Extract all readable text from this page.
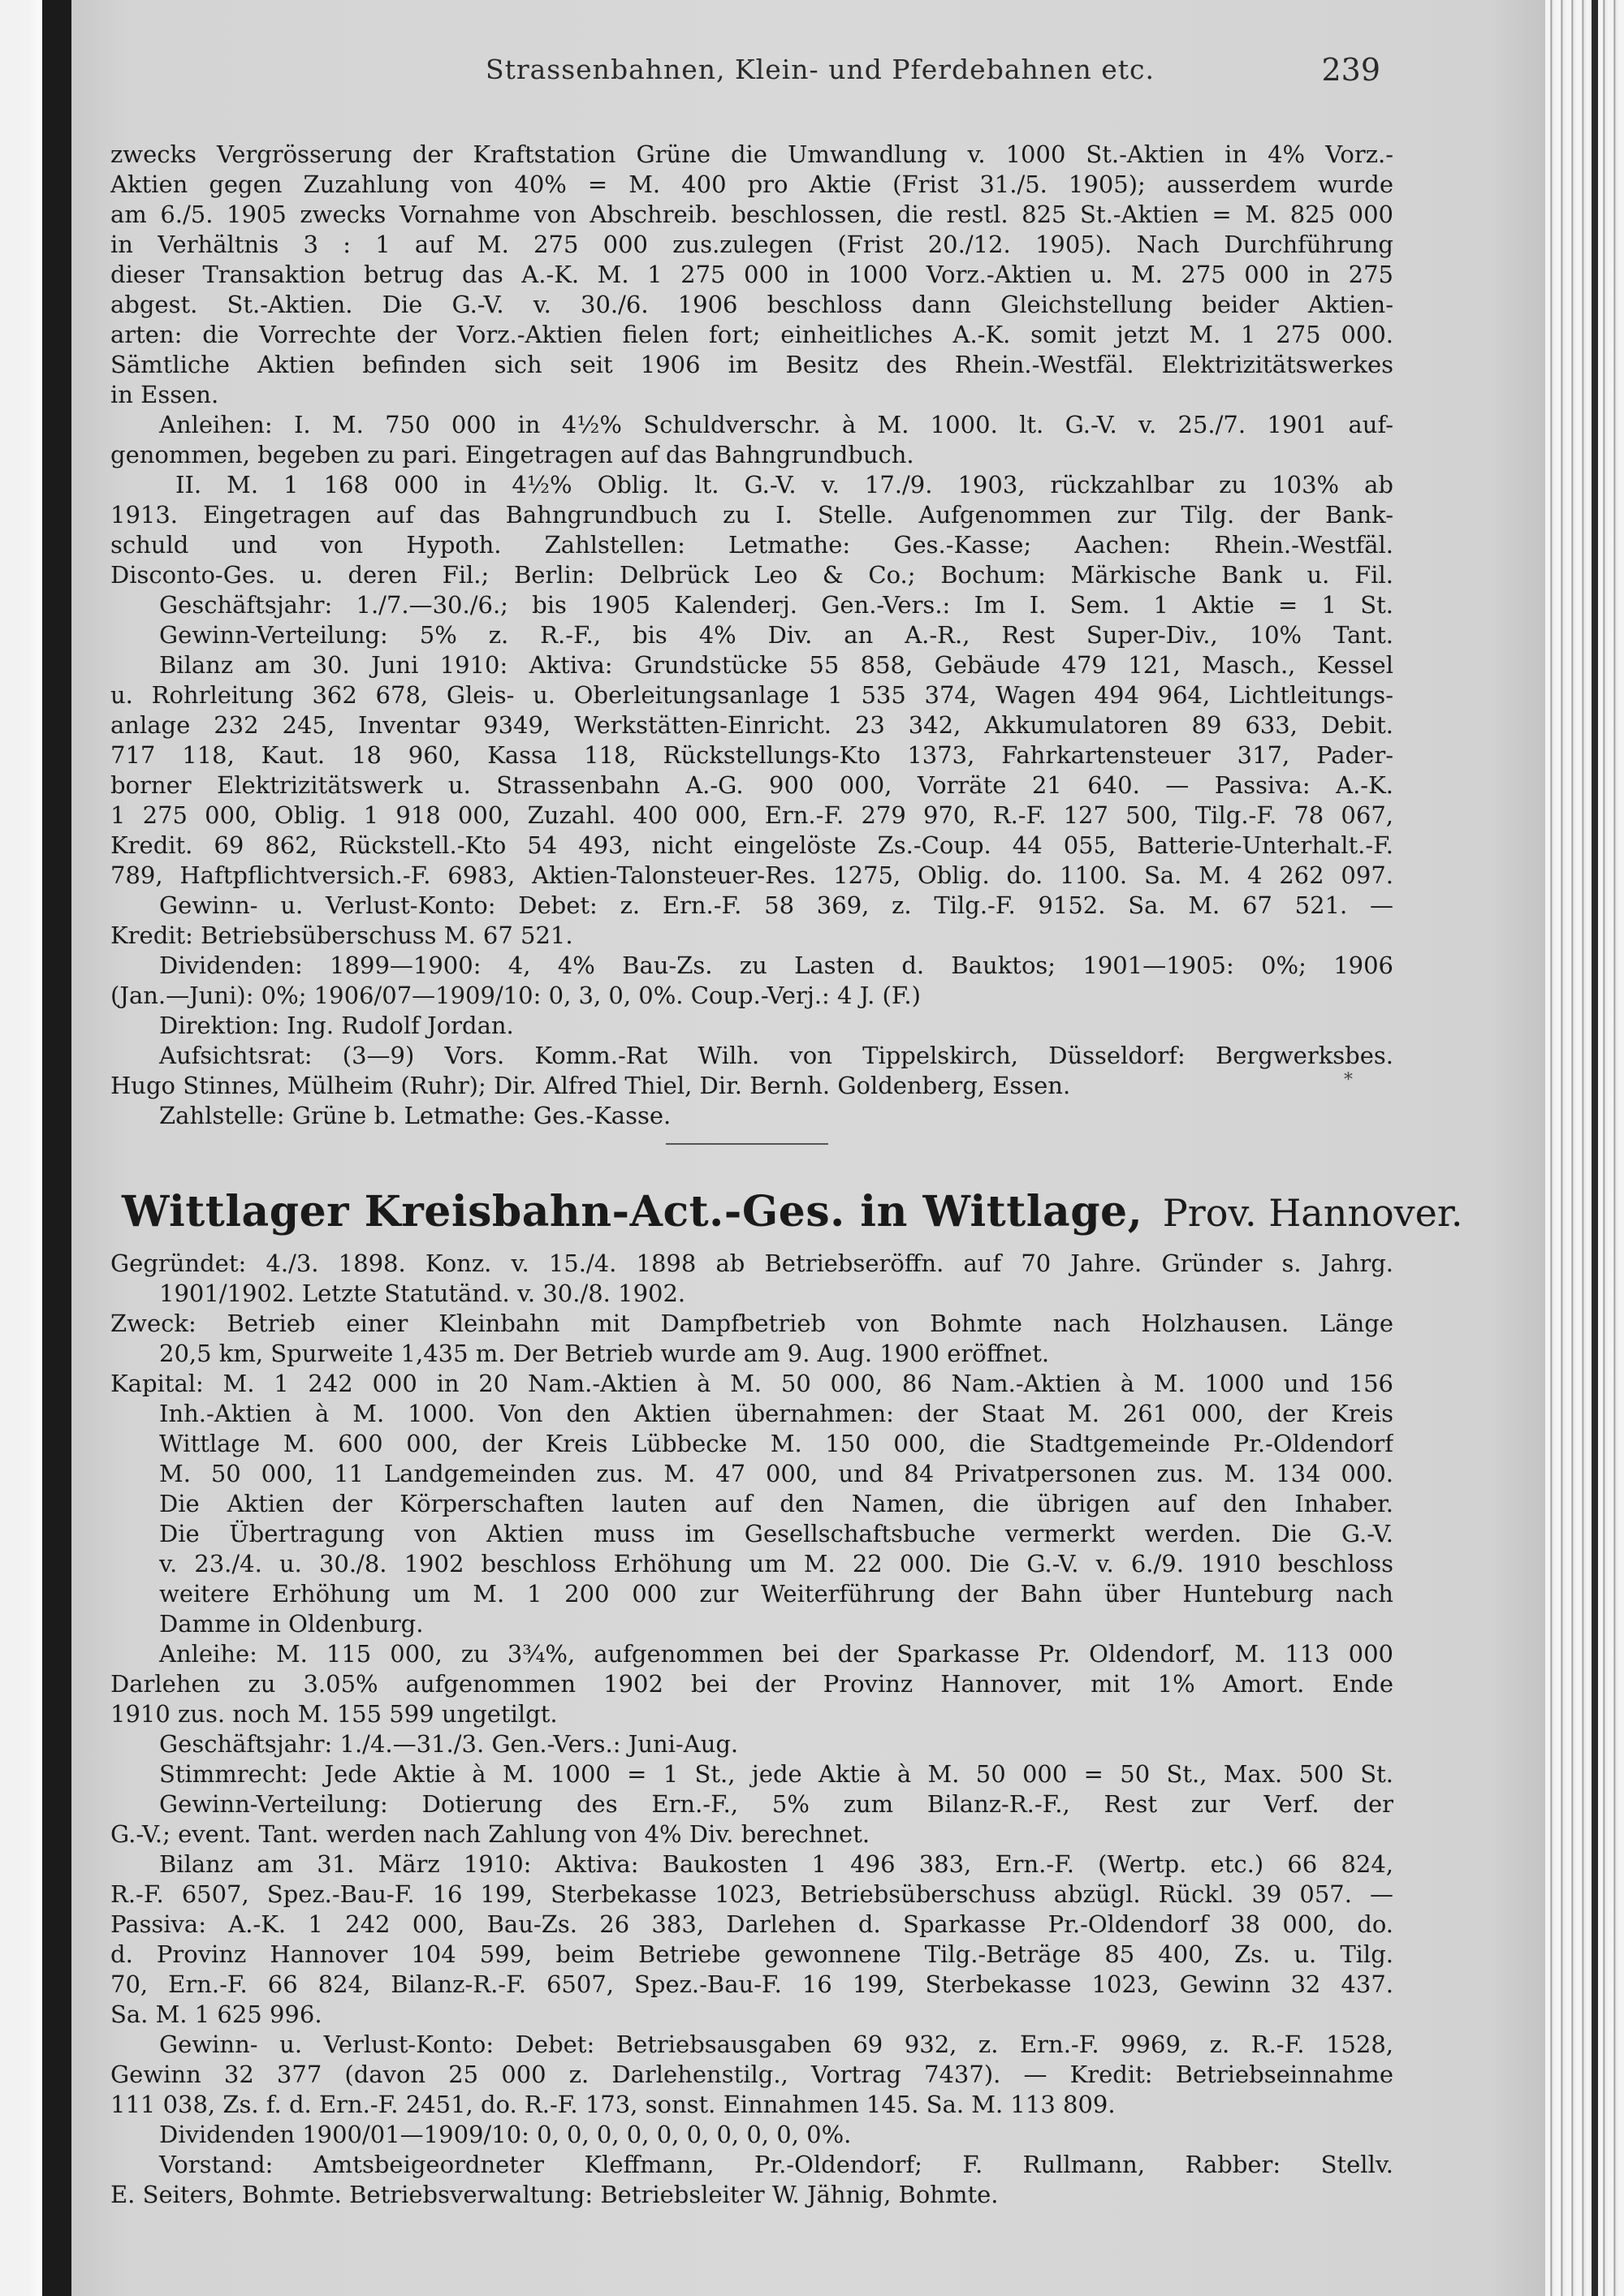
Strassenbahnen, Klein- und Pferdebahnen etc.	239
zwecks Vergrösserung der Kraftstation Grüne die Umwandlung v. 1000 St.-Aktien in 4% Vorz.-
Aktien gegen Zuzahlung von 40% = M. 400 pro Aktie (Frist 31./5. 1905); ausserdem wurde
am 6./5. 1905 zwecks Vornahme von Abschreib. beschlossen, die restl. 825 St.-Aktien = M. 825 000
in Verhältnis 3 : 1 auf M. 275 000 zus.zulegen (Frist 20./12. 1905). Nach Durchführung
dieser Transaktion betrug das A.-K. M. 1 275 000 in 1000 Vorz.-Aktien u. M. 275 000 in 275
abgest. St.-Aktien. Die G.-V. v. 30./6. 1906 beschloss dann Gleichstellung beider Aktien-
arten: die Vorrechte der Vorz.-Aktien fielen fort; einheitliches A.-K. somit jetzt M. 1 275 000.
Sämtliche Aktien befinden sich seit 1906 im Besitz des Rhein.-Westfäl. Elektrizitätswerkes
in Essen.
Anleihen: I. M. 750 000 in 4½% Schuldverschr. à M. 1000. lt. G.-V. v. 25./7. 1901 auf-
genommen, begeben zu pari. Eingetragen auf das Bahngrundbuch.
II. M. 1 168 000 in 4½% Oblig. lt. G.-V. v. 17./9. 1903, rückzahlbar zu 103% ab
1913. Eingetragen auf das Bahngrundbuch zu I. Stelle. Aufgenommen zur Tilg. der Bank-
schuld und von Hypoth. Zahlstellen: Letmathe: Ges.-Kasse; Aachen: Rhein.-Westfäl.
Disconto-Ges. u. deren Fil.; Berlin: Delbrück Leo & Co.; Bochum: Märkische Bank u. Fil.
Geschäftsjahr: 1./7.—30./6.; bis 1905 Kalenderj. Gen.-Vers.: Im I. Sem. 1 Aktie = 1 St.
Gewinn-Verteilung: 5% z. R.-F., bis 4% Div. an A.-R., Rest Super-Div., 10% Tant.
Bilanz am 30. Juni 1910: Aktiva: Grundstücke 55 858, Gebäude 479 121, Masch., Kessel
u. Rohrleitung 362 678, Gleis- u. Oberleitungsanlage 1 535 374, Wagen 494 964, Lichtleitungs-
anlage 232 245, Inventar 9349, Werkstätten-Einricht. 23 342, Akkumulatoren 89 633, Debit.
717 118, Kaut. 18 960, Kassa 118, Rückstellungs-Kto 1373, Fahrkartensteuer 317, Pader-
borner Elektrizitätswerk u. Strassenbahn A.-G. 900 000, Vorräte 21 640. — Passiva: A.-K.
1 275 000, Oblig. 1 918 000, Zuzahl. 400 000, Ern.-F. 279 970, R.-F. 127 500, Tilg.-F. 78 067,
Kredit. 69 862, Rückstell.-Kto 54 493, nicht eingelöste Zs.-Coup. 44 055, Batterie-Unterhalt.-F.
789, Haftpflichtversich.-F. 6983, Aktien-Talonsteuer-Res. 1275, Oblig. do. 1100. Sa. M. 4 262 097.
Gewinn- u. Verlust-Konto: Debet: z. Ern.-F. 58 369, z. Tilg.-F. 9152. Sa. M. 67 521. —
Kredit: Betriebsüberschuss M. 67 521.
Dividenden: 1899—1900: 4, 4% Bau-Zs. zu Lasten d. Bauktos; 1901—1905: 0%; 1906
(Jan.—Juni): 0%; 1906/07—1909/10: 0, 3, 0, 0%. Coup.-Verj.: 4 J. (F.)
Direktion: Ing. Rudolf Jordan.
Aufsichtsrat: (3—9) Vors. Komm.-Rat Wilh. von Tippelskirch, Düsseldorf: Bergwerksbes.
Hugo Stinnes, Mülheim (Ruhr); Dir. Alfred Thiel, Dir. Bernh. Goldenberg, Essen.
Zahlstelle: Grüne b. Letmathe: Ges.-Kasse.
*
Wittlager Kreisbahn-Act.-Ges. in Wittlage, Prov. Hannover.
Gegründet: 4./3. 1898. Konz. v. 15./4. 1898 ab Betriebseröffn. auf 70 Jahre. Gründer s. Jahrg.
1901/1902. Letzte Statutänd. v. 30./8. 1902.
Zweck: Betrieb einer Kleinbahn mit Dampfbetrieb von Bohmte nach Holzhausen. Länge
20,5 km, Spurweite 1,435 m. Der Betrieb wurde am 9. Aug. 1900 eröffnet.
Kapital: M. 1 242 000 in 20 Nam.-Aktien à M. 50 000, 86 Nam.-Aktien à M. 1000 und 156
Inh.-Aktien à M. 1000. Von den Aktien übernahmen: der Staat M. 261 000, der Kreis
Wittlage M. 600 000, der Kreis Lübbecke M. 150 000, die Stadtgemeinde Pr.-Oldendorf
M. 50 000, 11 Landgemeinden zus. M. 47 000, und 84 Privatpersonen zus. M. 134 000.
Die Aktien der Körperschaften lauten auf den Namen, die übrigen auf den Inhaber.
Die Übertragung von Aktien muss im Gesellschaftsbuche vermerkt werden. Die G.-V.
v. 23./4. u. 30./8. 1902 beschloss Erhöhung um M. 22 000. Die G.-V. v. 6./9. 1910 beschloss
weitere Erhöhung um M. 1 200 000 zur Weiterführung der Bahn über Hunteburg nach
Damme in Oldenburg.
Anleihe: M. 115 000, zu 3¾%, aufgenommen bei der Sparkasse Pr. Oldendorf, M. 113 000
Darlehen zu 3.05% aufgenommen 1902 bei der Provinz Hannover, mit 1% Amort. Ende
1910 zus. noch M. 155 599 ungetilgt.
Geschäftsjahr: 1./4.—31./3. Gen.-Vers.: Juni-Aug.
Stimmrecht: Jede Aktie à M. 1000 = 1 St., jede Aktie à M. 50 000 = 50 St., Max. 500 St.
Gewinn-Verteilung: Dotierung des Ern.-F., 5% zum Bilanz-R.-F., Rest zur Verf. der
G.-V.; event. Tant. werden nach Zahlung von 4% Div. berechnet.
Bilanz am 31. März 1910: Aktiva: Baukosten 1 496 383, Ern.-F. (Wertp. etc.) 66 824,
R.-F. 6507, Spez.-Bau-F. 16 199, Sterbekasse 1023, Betriebsüberschuss abzügl. Rückl. 39 057. —
Passiva: A.-K. 1 242 000, Bau-Zs. 26 383, Darlehen d. Sparkasse Pr.-Oldendorf 38 000, do.
d. Provinz Hannover 104 599, beim Betriebe gewonnene Tilg.-Beträge 85 400, Zs. u. Tilg.
70, Ern.-F. 66 824, Bilanz-R.-F. 6507, Spez.-Bau-F. 16 199, Sterbekasse 1023, Gewinn 32 437.
Sa. M. 1 625 996.
Gewinn- u. Verlust-Konto: Debet: Betriebsausgaben 69 932, z. Ern.-F. 9969, z. R.-F. 1528,
Gewinn 32 377 (davon 25 000 z. Darlehenstilg., Vortrag 7437). — Kredit: Betriebseinnahme
111 038, Zs. f. d. Ern.-F. 2451, do. R.-F. 173, sonst. Einnahmen 145. Sa. M. 113 809.
Dividenden 1900/01—1909/10: 0, 0, 0, 0, 0, 0, 0, 0, 0, 0%.
Vorstand: Amtsbeigeordneter Kleffmann, Pr.-Oldendorf; F. Rullmann, Rabber: Stellv.
E. Seiters, Bohmte. Betriebsverwaltung: Betriebsleiter W. Jähnig, Bohmte.
